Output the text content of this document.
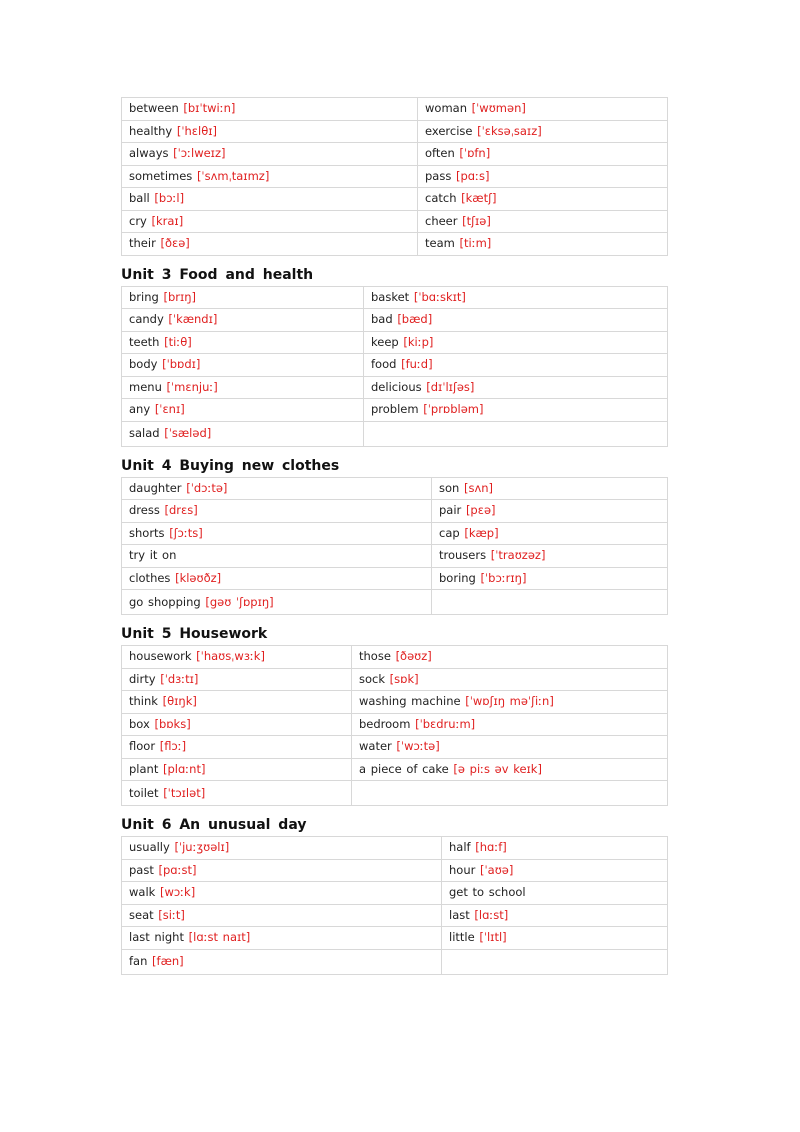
between [bɪˈtwiːn]	woman [ˈwʊmən]
healthy [ˈhɛlθɪ]	exercise [ˈɛksəˌsaɪz]
always [ˈɔːlweɪz]	often [ˈɒfn]
sometimes [ˈsʌmˌtaɪmz]	pass [pɑːs]
ball [bɔːl]	catch [kætʃ]
cry [kraɪ]	cheer [tʃɪə]
their [ðɛə]	team [tiːm]
Unit 3 Food and health
bring [brɪŋ]	basket [ˈbɑːskɪt]
candy [ˈkændɪ]	bad [bæd]
teeth [tiːθ]	keep [kiːp]
body [ˈbɒdɪ]	food [fuːd]
menu [ˈmɛnjuː]	delicious [dɪˈlɪʃəs]
any [ˈɛnɪ]	problem [ˈprɒbləm]
salad [ˈsæləd]	
Unit 4 Buying new clothes
daughter [ˈdɔːtə]	son [sʌn]
dress [drɛs]	pair [pɛə]
shorts [ʃɔːts]	cap [kæp]
try it on	trousers [ˈtraʊzəz]
clothes [kləʊðz]	boring [ˈbɔːrɪŋ]
go shopping [gəʊ ˈʃɒpɪŋ]	
Unit 5 Housework
housework [ˈhaʊsˌwɜːk]	those [ðəʊz]
dirty [ˈdɜːtɪ]	sock [sɒk]
think [θɪŋk]	washing machine [ˈwɒʃɪŋ məˈʃiːn]
box [bɒks]	bedroom [ˈbɛdruːm]
floor [flɔː]	water [ˈwɔːtə]
plant [plɑːnt]	a piece of cake [ə piːs əv keɪk]
toilet [ˈtɔɪlət]	
Unit 6 An unusual day
usually [ˈjuːʒʊəlɪ]	half [hɑːf]
past [pɑːst]	hour [ˈaʊə]
walk [wɔːk]	get to school
seat [siːt]	last [lɑːst]
last night [lɑːst naɪt]	little [ˈlɪtl]
fan [fæn]	
